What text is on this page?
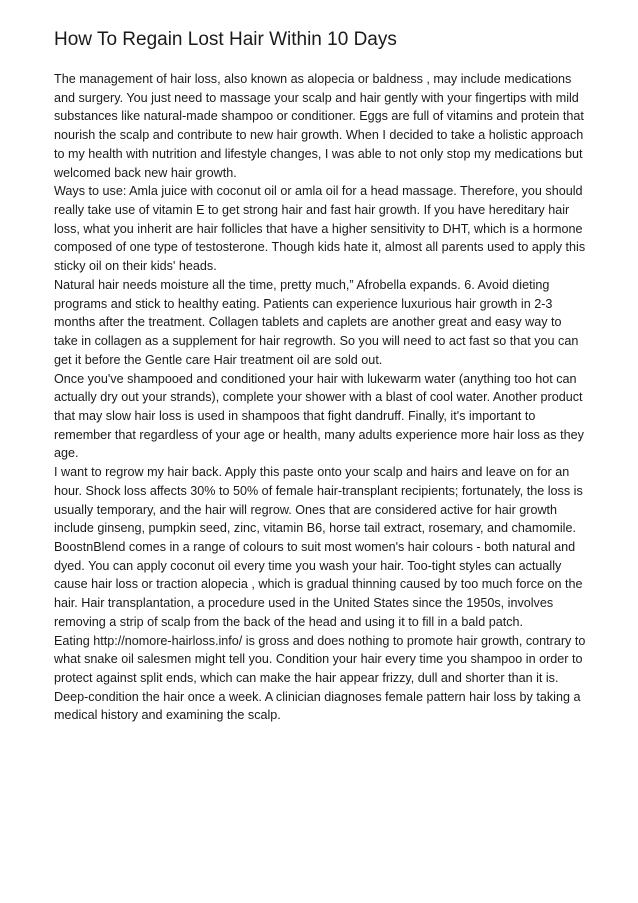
How To Regain Lost Hair Within 10 Days

The management of hair loss, also known as alopecia or baldness , may include medications and surgery. You just need to massage your scalp and hair gently with your fingertips with mild substances like natural-made shampoo or conditioner. Eggs are full of vitamins and protein that nourish the scalp and contribute to new hair growth. When I decided to take a holistic approach to my health with nutrition and lifestyle changes, I was able to not only stop my medications but welcomed back new hair growth.

Ways to use: Amla juice with coconut oil or amla oil for a head massage. Therefore, you should really take use of vitamin E to get strong hair and fast hair growth. If you have hereditary hair loss, what you inherit are hair follicles that have a higher sensitivity to DHT, which is a hormone composed of one type of testosterone. Though kids hate it, almost all parents used to apply this sticky oil on their kids' heads.

Natural hair needs moisture all the time, pretty much,” Afrobella expands. 6. Avoid dieting programs and stick to healthy eating. Patients can experience luxurious hair growth in 2-3 months after the treatment. Collagen tablets and caplets are another great and easy way to take in collagen as a supplement for hair regrowth. So you will need to act fast so that you can get it before the Gentle care Hair treatment oil are sold out.

Once you've shampooed and conditioned your hair with lukewarm water (anything too hot can actually dry out your strands), complete your shower with a blast of cool water. Another product that may slow hair loss is used in shampoos that fight dandruff. Finally, it's important to remember that regardless of your age or health, many adults experience more hair loss as they age.

I want to regrow my hair back. Apply this paste onto your scalp and hairs and leave on for an hour. Shock loss affects 30% to 50% of female hair-transplant recipients; fortunately, the loss is usually temporary, and the hair will regrow. Ones that are considered active for hair growth include ginseng, pumpkin seed, zinc, vitamin B6, horse tail extract, rosemary, and chamomile.

BoostnBlend comes in a range of colours to suit most women's hair colours - both natural and dyed. You can apply coconut oil every time you wash your hair. Too-tight styles can actually cause hair loss or traction alopecia , which is gradual thinning caused by too much force on the hair. Hair transplantation, a procedure used in the United States since the 1950s, involves removing a strip of scalp from the back of the head and using it to fill in a bald patch.

Eating http://nomore-hairloss.info/ is gross and does nothing to promote hair growth, contrary to what snake oil salesmen might tell you. Condition your hair every time you shampoo in order to protect against split ends, which can make the hair appear frizzy, dull and shorter than it is. Deep-condition the hair once a week. A clinician diagnoses female pattern hair loss by taking a medical history and examining the scalp.
